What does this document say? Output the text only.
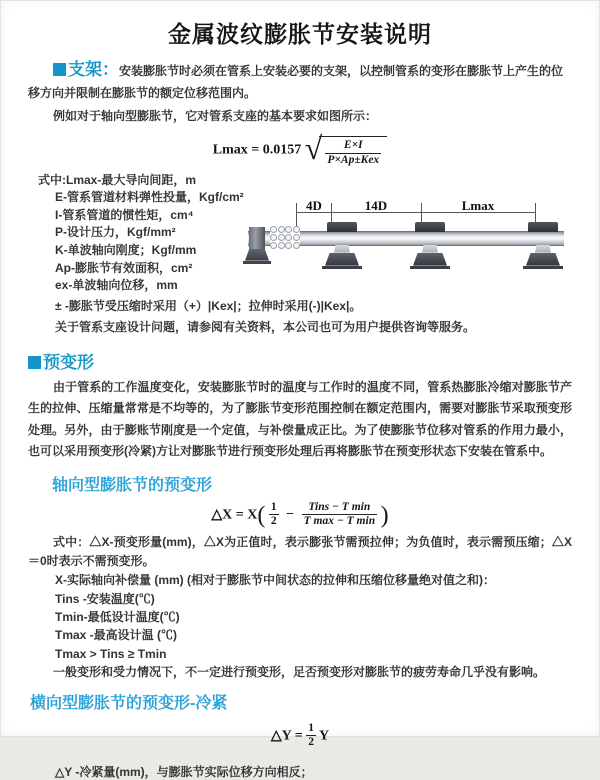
金属波纹膨胀节安装说明

支架：安装膨胀节时必须在管系上安装必要的支架，以控制管系的变形在膨胀节上产生的位移方向并限制在膨胀节的额定位移范围内。

例如对于轴向型膨胀节，它对管系支座的基本要求如图所示：

Lmax = 0.0157 √ $\frac{E\times I}{\text{P×Ap±Kex}}$
式中:Lmax-最大导向间距，m
E-管系管道材料弹性投量，Kgf/cm²
I-管系管道的惯性矩，cm⁴
P-设计压力，Kgf/mm²
K-单波轴向刚度；Kgf/mm
Ap-膨胀节有效面积，cm²
ex-单波轴向位移，mm
4D	14D	Lmax

± -膨胀节受压缩时采用（+）|Kex|；拉伸时采用(-)|Kex|。

关于管系支座设计问题，请参阅有关资料，本公司也可为用户提供咨询等服务。

预变形

由于管系的工作温度变化，安装膨胀节时的温度与工作时的温度不同，管系热膨胀冷缩对膨胀节产生的拉伸、压缩量常常是不均等的，为了膨胀节变形范围控制在额定范围内，需要对膨胀节采取预变形处理。另外，由于膨账节刚度是一个定值，与补偿量成正比。为了使膨胀节位移对管系的作用力最小，也可以采用预变形(冷紧)方让对膨胀节进行预变形处理后再将膨胀节在预变形状态下安装在管系中。

轴向型膨胀节的预变形
△X = $X( \frac{1}{2} - \frac{\text{Tins − T min}}{\text{T max − T min}}$ )

式中：△X-预变形量(mm)，△X为正值时，表示膨张节需预拉伸；为负值时，表示需预压缩；△X＝0时表示不需预变形。

X-实际轴向补偿量 (mm) (相对于膨胀节中间状态的拉伸和压缩位移量绝对值之和)：
Tins -安装温度(℃)
Tmin-最低设计温度(℃)
Tmax -最高设计温 (℃)
Tmax > Tins ≥ Tmin

一般变形和受力情况下，不一定进行预变形，足否预变形对膨胀节的疲劳寿命几乎没有影响。

横向型膨胀节的预变形-冷紧
△Y = $\frac{1}{2}$ Y

△Y -冷紧量(mm)，与膨胀节实际位移方向相反；
